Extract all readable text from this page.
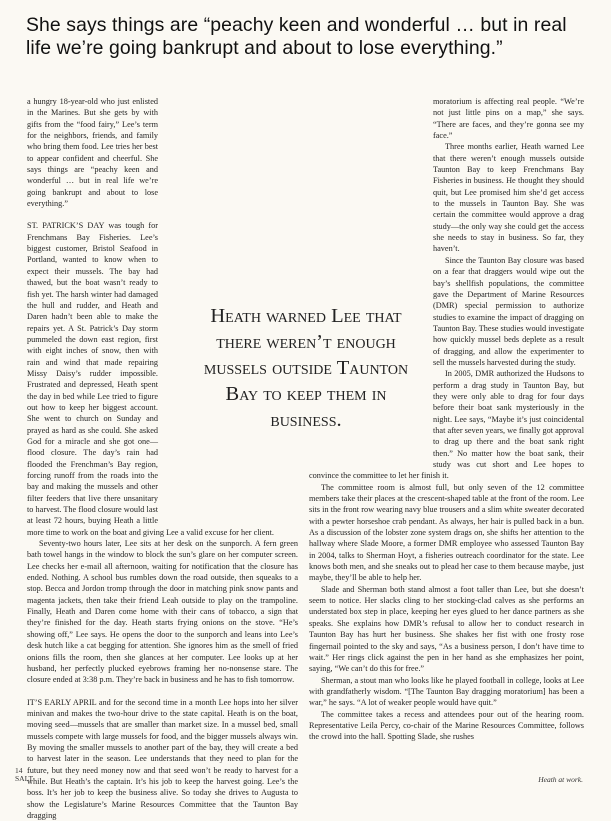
She says things are “peachy keen and wonderful … but in real life we’re going bankrupt and about to lose everything.”

a hungry 18-year-old who just enlisted in the Marines. But she gets by with gifts from the “food fairy,” Lee’s term for the neighbors, friends, and family who bring them food. Lee tries her best to appear confident and cheerful. She says things are “peachy keen and wonderful … but in real life we’re going bankrupt and about to lose everything.”

ST. PATRICK’S DAY was tough for Frenchmans Bay Fisheries. Lee’s biggest customer, Bristol Seafood in Portland, wanted to know when to expect their mussels. The bay had thawed, but the boat wasn’t ready to fish yet. The harsh winter had damaged the hull and rudder, and Heath and Daren hadn’t been able to make the repairs yet. A St. Patrick’s Day storm pummeled the down east region, first with eight inches of snow, then with rain and wind that made repairing Missy Daisy’s rudder impossible. Frustrated and depressed, Heath spent the day in bed while Lee tried to figure out how to keep her biggest account. She went to church on Sunday and prayed as hard as she could. She asked God for a miracle and she got one—flood closure. The day’s rain had flooded the Frenchman’s Bay region, forcing runoff from the roads into the bay and making the mussels and other filter feeders that live there unsanitary to harvest. The flood closure would last at least 72 hours, buying Heath a little more time to work on the boat and giving Lee a valid excuse for her client.

Seventy-two hours later, Lee sits at her desk on the sunporch. A fern green bath towel hangs in the window to block the sun’s glare on her computer screen. Lee checks her e-mail all afternoon, waiting for notification that the closure has ended. Nothing. A school bus rumbles down the road outside, then squeaks to a stop. Becca and Jordon tromp through the door in matching pink snow pants and magenta jackets, then take their friend Leah outside to play on the trampoline. Finally, Heath and Daren come home with their cans of tobacco, a sign that they’re finished for the day. Heath starts frying onions on the stove. “He’s showing off,” Lee says. He opens the door to the sunporch and leans into Lee’s desk hutch like a cat begging for attention. She ignores him as the smell of fried onions fills the room, then she glances at her computer. Lee looks up at her husband, her perfectly plucked eyebrows framing her no-nonsense stare. The closure ended at 3:38 p.m. They’re back in business and he has to fish tomorrow.

IT’S EARLY APRIL and for the second time in a month Lee hops into her silver minivan and makes the two-hour drive to the state capital. Heath is on the boat, moving seed—mussels that are smaller than market size. In a mussel bed, small mussels compete with large mussels for food, and the bigger mussels always win. By moving the smaller mussels to another part of the bay, they will create a bed to harvest later in the season. Lee understands that they need to plan for the future, but they need money now and that seed won’t be ready to harvest for a while. But Heath’s the captain. It’s his job to keep the harvest going. Lee’s the boss. It’s her job to keep the business alive. So today she drives to Augusta to show the Legislature’s Marine Resources Committee that the Taunton Bay dragging

moratorium is affecting real people. “We’re not just little pins on a map,” she says. “There are faces, and they’re gonna see my face.”

Three months earlier, Heath warned Lee that there weren’t enough mussels outside Taunton Bay to keep Frenchmans Bay Fisheries in business. He thought they should quit, but Lee promised him she’d get access to the mussels in Taunton Bay. She was certain the committee would approve a drag study—the only way she could get the access she needs to stay in business. So far, they haven’t.

Since the Taunton Bay closure was based on a fear that draggers would wipe out the bay’s shellfish populations, the committee gave the Department of Marine Resources (DMR) special permission to authorize studies to examine the impact of dragging on Taunton Bay. These studies would investigate how quickly mussel beds deplete as a result of dragging, and allow the experimenter to sell the mussels harvested during the study.

In 2005, DMR authorized the Hudsons to perform a drag study in Taunton Bay, but they were only able to drag for four days before their boat sank mysteriously in the night. Lee says, “Maybe it’s just coincidental that after seven years, we finally got approval to drag up there and the boat sank right then.” No matter how the boat sank, their study was cut short and Lee hopes to convince the committee to let her finish it.

The committee room is almost full, but only seven of the 12 committee members take their places at the crescent-shaped table at the front of the room. Lee sits in the front row wearing navy blue trousers and a slim white sweater decorated with a pewter horseshoe crab pendant. As always, her hair is pulled back in a bun. As a discussion of the lobster zone system drags on, she shifts her attention to the hallway where Slade Moore, a former DMR employee who assessed Taunton Bay in 2004, talks to Sherman Hoyt, a fisheries outreach coordinator for the state. Lee knows both men, and she sneaks out to plead her case to them because maybe, just maybe, they’ll be able to help her.

Slade and Sherman both stand almost a foot taller than Lee, but she doesn’t seem to notice. Her slacks cling to her stocking-clad calves as she performs an understated box step in place, keeping her eyes glued to her dance partners as she speaks. She explains how DMR’s refusal to allow her to conduct research in Taunton Bay has hurt her business. She shakes her fist with one frosty rose fingernail pointed to the sky and says, “As a business person, I don’t have time to wait.” Her rings click against the pen in her hand as she emphasizes her point, saying, “We can’t do this for free.”

Sherman, a stout man who looks like he played football in college, looks at Lee with grandfatherly wisdom. “[The Taunton Bay dragging moratorium] has been a war,” he says. “A lot of weaker people would have quit.”

The committee takes a recess and attendees pour out of the hearing room. Representative Leila Percy, co-chair of the Marine Resources Committee, follows the crowd into the hall. Spotting Slade, she rushes

Heath warned Lee that there weren’t enough mussels outside Taunton Bay to keep them in business.
14
SALT	Heath at work.
